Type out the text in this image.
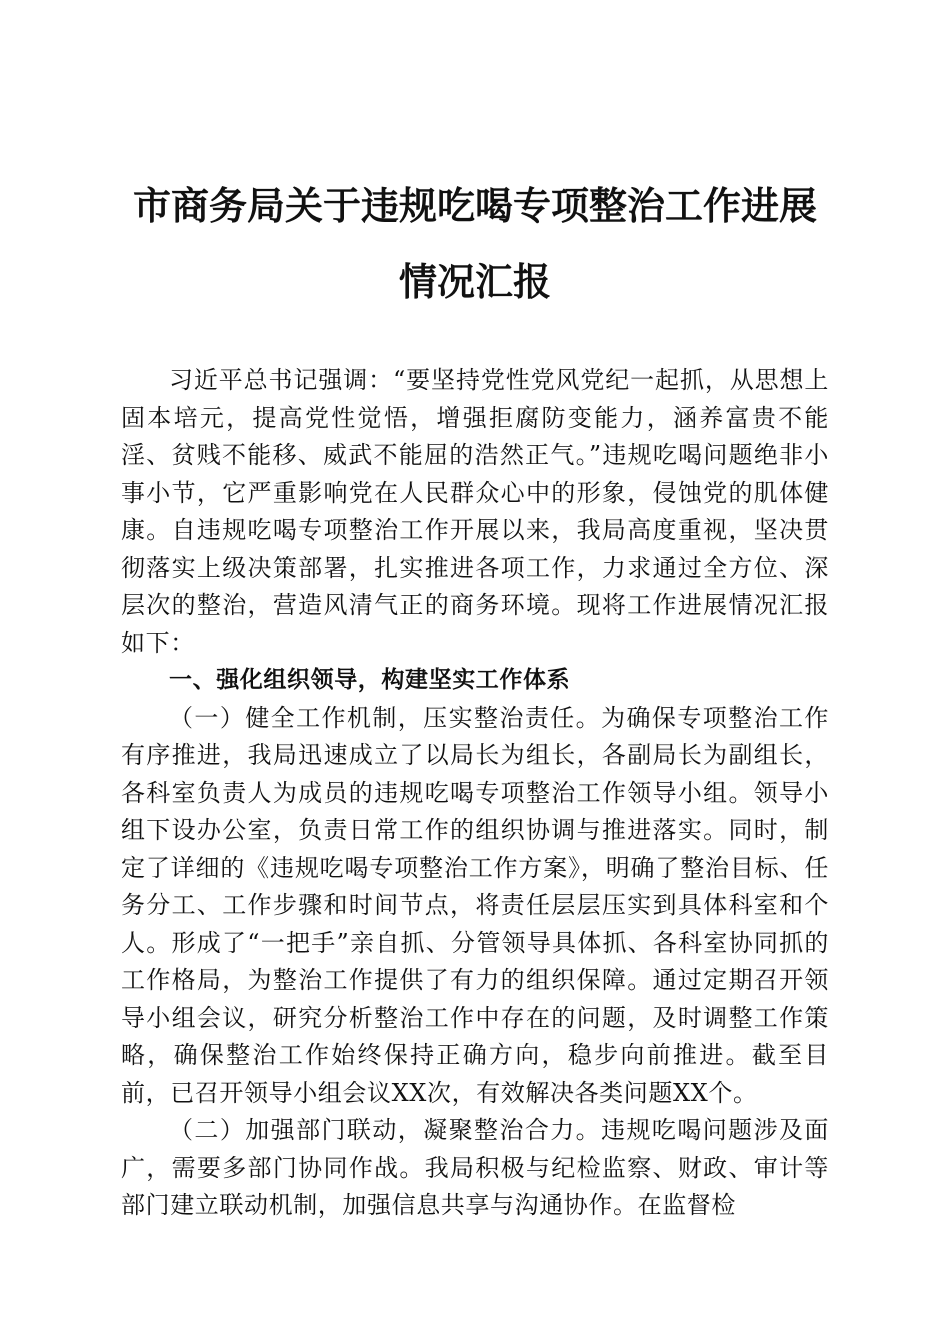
市商务局关于违规吃喝专项整治工作进展情况汇报

习近平总书记强调：“要坚持党性党风党纪一起抓，从思想上固本培元，提高党性觉悟，增强拒腐防变能力，涵养富贵不能淫、贫贱不能移、威武不能屈的浩然正气。”违规吃喝问题绝非小事小节，它严重影响党在人民群众心中的形象，侵蚀党的肌体健康。自违规吃喝专项整治工作开展以来，我局高度重视，坚决贯彻落实上级决策部署，扎实推进各项工作，力求通过全方位、深层次的整治，营造风清气正的商务环境。现将工作进展情况汇报如下：

一、强化组织领导，构建坚实工作体系

（一）健全工作机制，压实整治责任。为确保专项整治工作有序推进，我局迅速成立了以局长为组长，各副局长为副组长，各科室负责人为成员的违规吃喝专项整治工作领导小组。领导小组下设办公室，负责日常工作的组织协调与推进落实。同时，制定了详细的《违规吃喝专项整治工作方案》，明确了整治目标、任务分工、工作步骤和时间节点，将责任层层压实到具体科室和个人。形成了“一把手”亲自抓、分管领导具体抓、各科室协同抓的工作格局，为整治工作提供了有力的组织保障。通过定期召开领导小组会议，研究分析整治工作中存在的问题，及时调整工作策略，确保整治工作始终保持正确方向，稳步向前推进。截至目前，已召开领导小组会议XX次，有效解决各类问题XX个。

（二）加强部门联动，凝聚整治合力。违规吃喝问题涉及面广，需要多部门协同作战。我局积极与纪检监察、财政、审计等部门建立联动机制，加强信息共享与沟通协作。在监督检
